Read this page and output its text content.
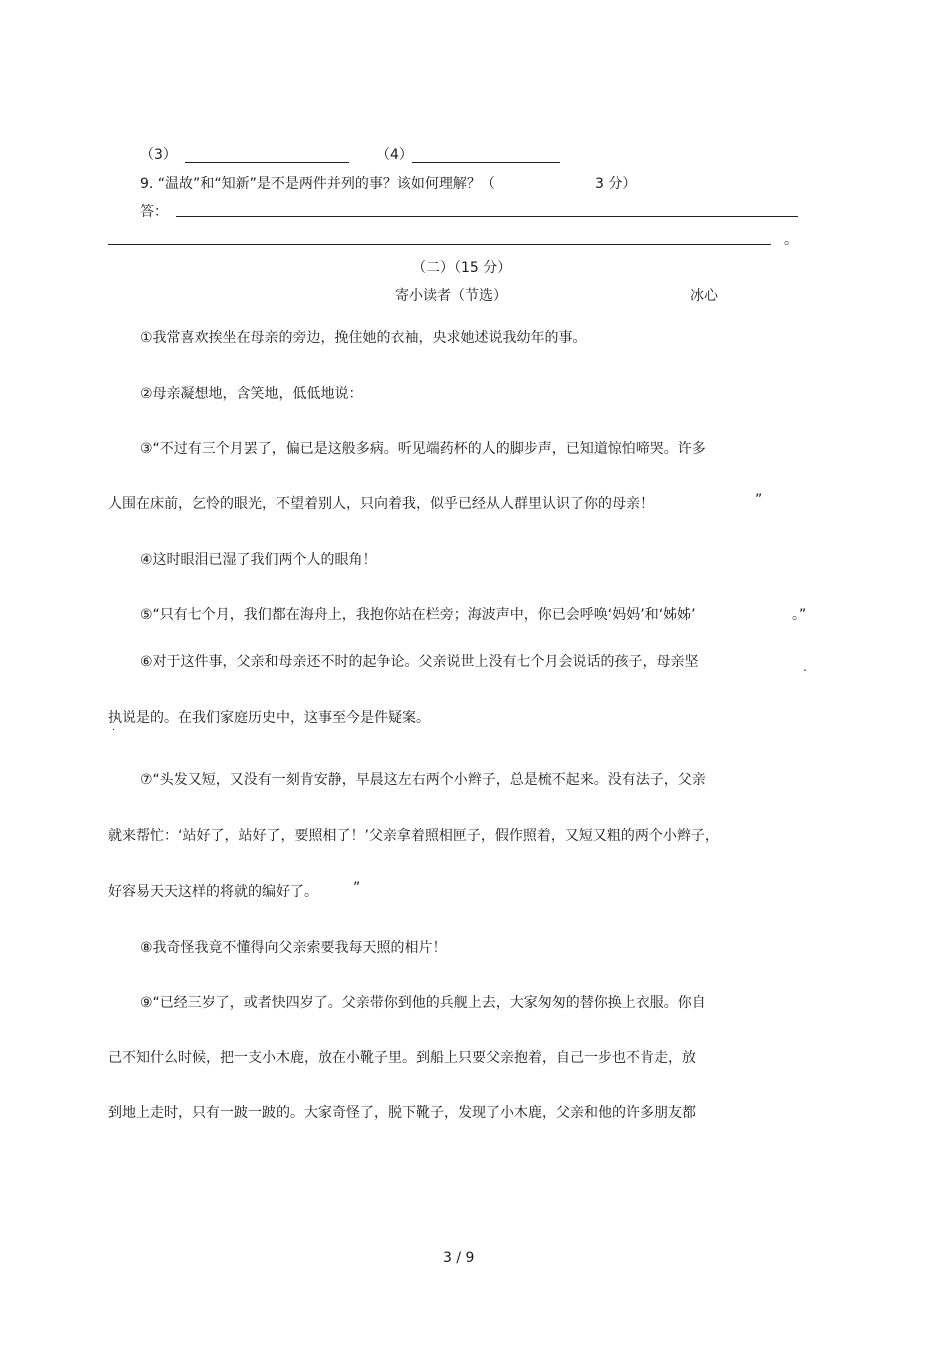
（3）	（4）
9. “温故”和“知新”是不是两件并列的事？该如何理解？（	3 分）
答：
。
（二）（15 分）
寄小读者（节选）	冰心
①我常喜欢挨坐在母亲的旁边，挽住她的衣袖，央求她述说我幼年的事。
②母亲凝想地，含笑地，低低地说：
③“不过有三个月罢了，偏已是这般多病。听见端药杯的人的脚步声，已知道惊怕啼哭。许多
人围在床前，乞怜的眼光，不望着别人，只向着我，似乎已经从人群里认识了你的母亲！	”
④这时眼泪已湿了我们两个人的眼角！
⑤“只有七个月，我们都在海舟上，我抱你站在栏旁；海波声中，你已会呼唤‘妈妈’和‘姊姊’	。”
⑥对于这件事，父亲和母亲还不时的起争论。父亲说世上没有七个月会说话的孩子，母亲坚	.
执说是的。在我们家庭历史中，这事至今是件疑案。
·
⑦“头发又短，又没有一刻肯安静，早晨这左右两个小辫子，总是梳不起来。没有法子，父亲
就来帮忙：‘站好了，站好了，要照相了！’父亲拿着照相匣子，假作照着，又短又粗的两个小辫子，
好容易天天这样的将就的编好了。	”
⑧我奇怪我竟不懂得向父亲索要我每天照的相片！
⑨“已经三岁了，或者快四岁了。父亲带你到他的兵舰上去，大家匆匆的替你换上衣服。你自
己不知什么时候，把一支小木鹿，放在小靴子里。到船上只要父亲抱着，自己一步也不肯走，放
到地上走时，只有一跛一跛的。大家奇怪了，脱下靴子，发现了小木鹿，父亲和他的许多朋友都
3 / 9
